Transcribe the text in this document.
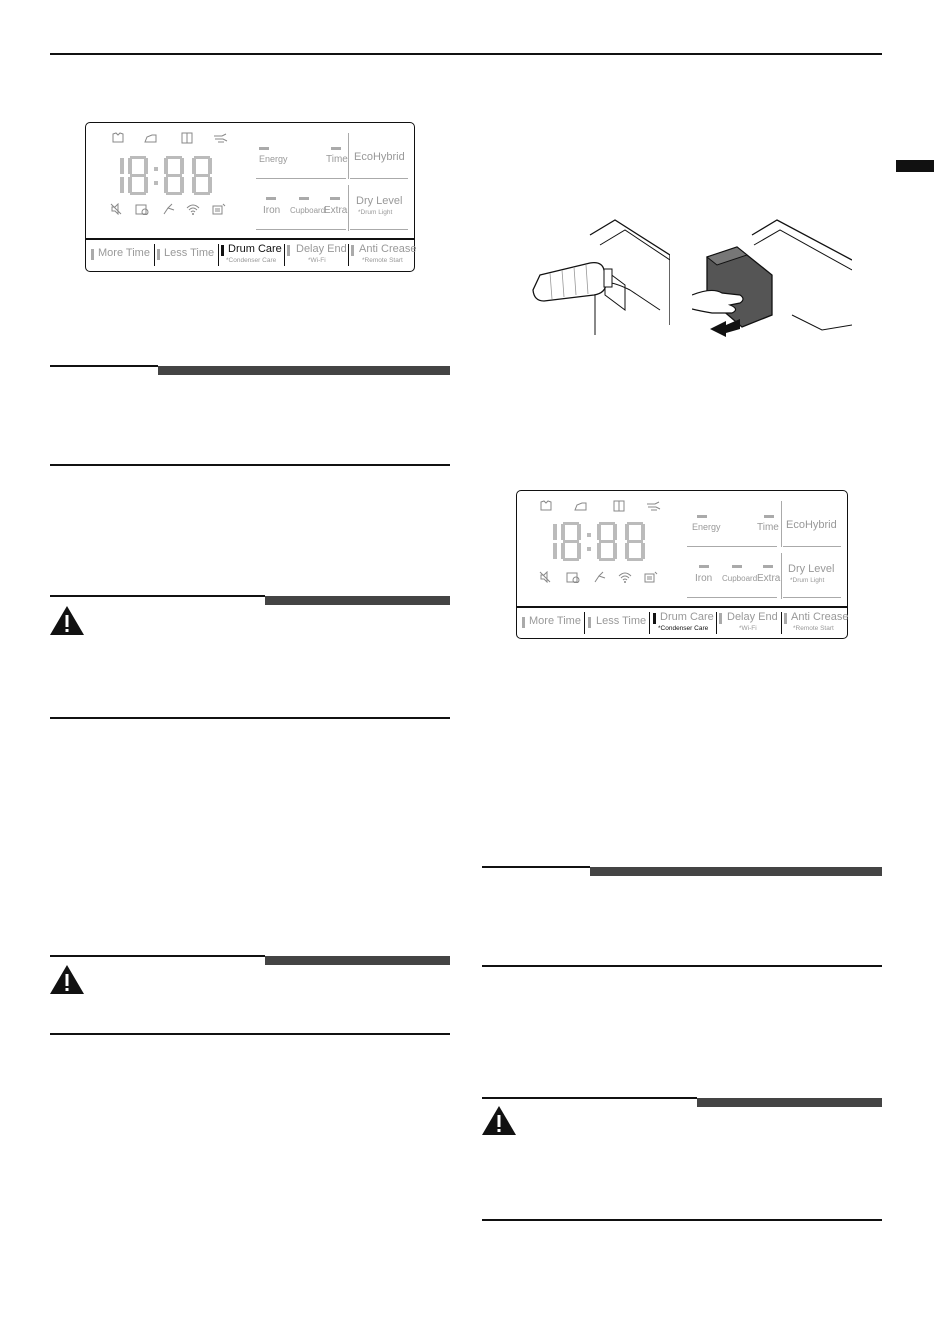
Energy	Time EcoHybrid
Iron Cupboard
Extra
Dry Level
*Drum Light
More Time Less Time Drum Care
*Condenser Care
Delay End
*Wi-Fi
Anti Crease
*Remote Start
Energy	Time EcoHybrid
Iron Cupboard Extra
Dry Level
*Drum Light
More Time Less Time Drum Care
*Condenser Care
Delay End
*Wi-Fi
Anti Crease
*Remote Start
